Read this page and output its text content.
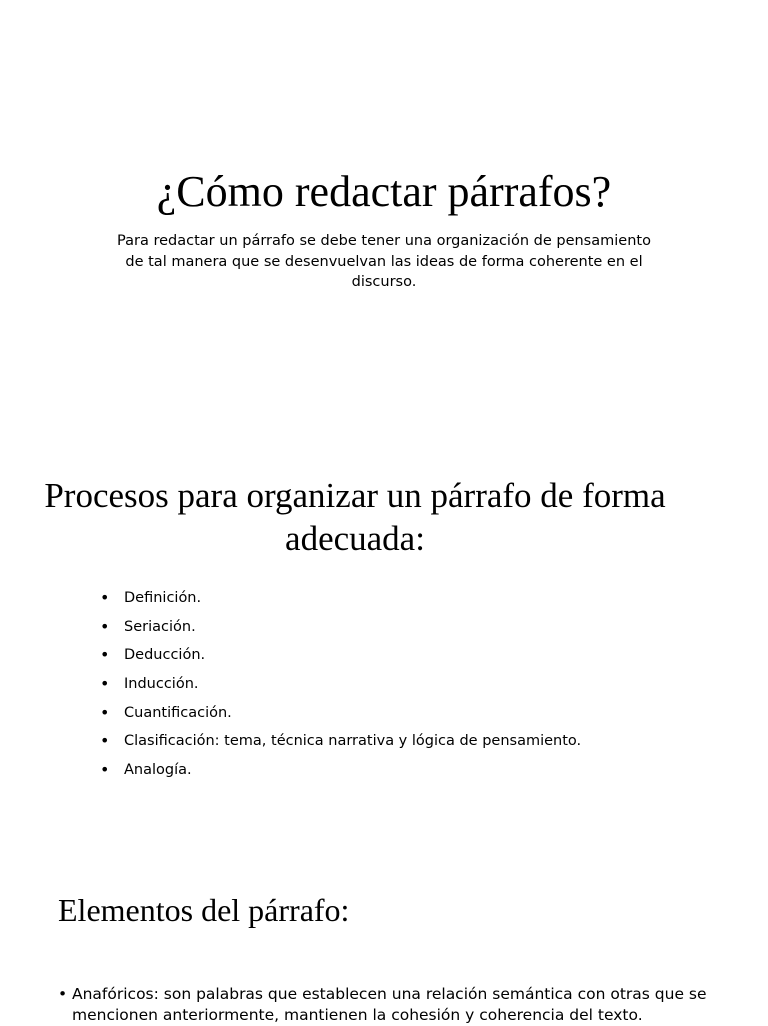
¿Cómo redactar párrafos?

Para redactar un párrafo se debe tener una organización de pensamiento de tal manera que se desenvuelvan las ideas de forma coherente en el discurso.

Procesos para organizar un párrafo de forma adecuada:
• Definición.
• Seriación.
• Deducción.
• Inducción.
• Cuantificación.
• Clasificación: tema, técnica narrativa y lógica de pensamiento.
• Analogía.
Elementos del párrafo:

• Anafóricos: son palabras que establecen una relación semántica con otras que se mencionen anteriormente, mantienen la cohesión y coherencia del texto.
